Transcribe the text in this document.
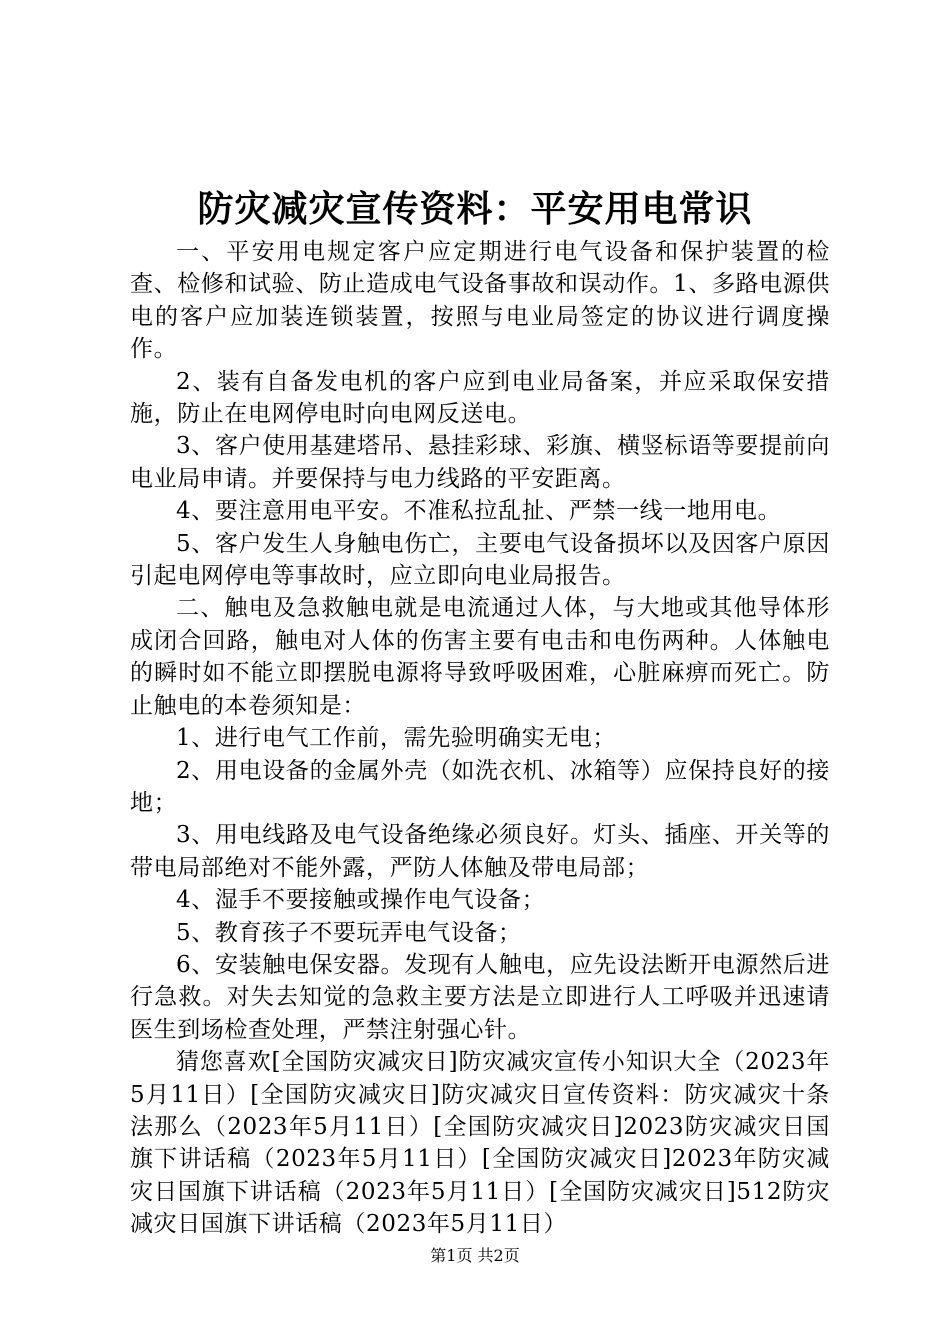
防灾减灾宣传资料：平安用电常识

一、平安用电规定客户应定期进行电气设备和保护装置的检查、检修和试验、防止造成电气设备事故和误动作。1、多路电源供电的客户应加装连锁装置，按照与电业局签定的协议进行调度操作。

2、装有自备发电机的客户应到电业局备案，并应采取保安措施，防止在电网停电时向电网反送电。

3、客户使用基建塔吊、悬挂彩球、彩旗、横竖标语等要提前向电业局申请。并要保持与电力线路的平安距离。

4、要注意用电平安。不准私拉乱扯、严禁一线一地用电。

5、客户发生人身触电伤亡，主要电气设备损坏以及因客户原因引起电网停电等事故时，应立即向电业局报告。

二、触电及急救触电就是电流通过人体，与大地或其他导体形成闭合回路，触电对人体的伤害主要有电击和电伤两种。人体触电的瞬时如不能立即摆脱电源将导致呼吸困难，心脏麻痹而死亡。防止触电的本卷须知是：

1、进行电气工作前，需先验明确实无电；

2、用电设备的金属外壳（如洗衣机、冰箱等）应保持良好的接地；

3、用电线路及电气设备绝缘必须良好。灯头、插座、开关等的带电局部绝对不能外露，严防人体触及带电局部；

4、湿手不要接触或操作电气设备；

5、教育孩子不要玩弄电气设备；

6、安装触电保安器。发现有人触电，应先设法断开电源然后进行急救。对失去知觉的急救主要方法是立即进行人工呼吸并迅速请医生到场检查处理，严禁注射强心针。

猜您喜欢[全国防灾减灾日]防灾减灾宣传小知识大全（2023年5月11日）[全国防灾减灾日]防灾减灾日宣传资料：防灾减灾十条法那么（2023年5月11日）[全国防灾减灾日]2023防灾减灾日国旗下讲话稿（2023年5月11日）[全国防灾减灾日]2023年防灾减灾日国旗下讲话稿（2023年5月11日）[全国防灾减灾日]512防灾减灾日国旗下讲话稿（2023年5月11日）

第1页 共2页
